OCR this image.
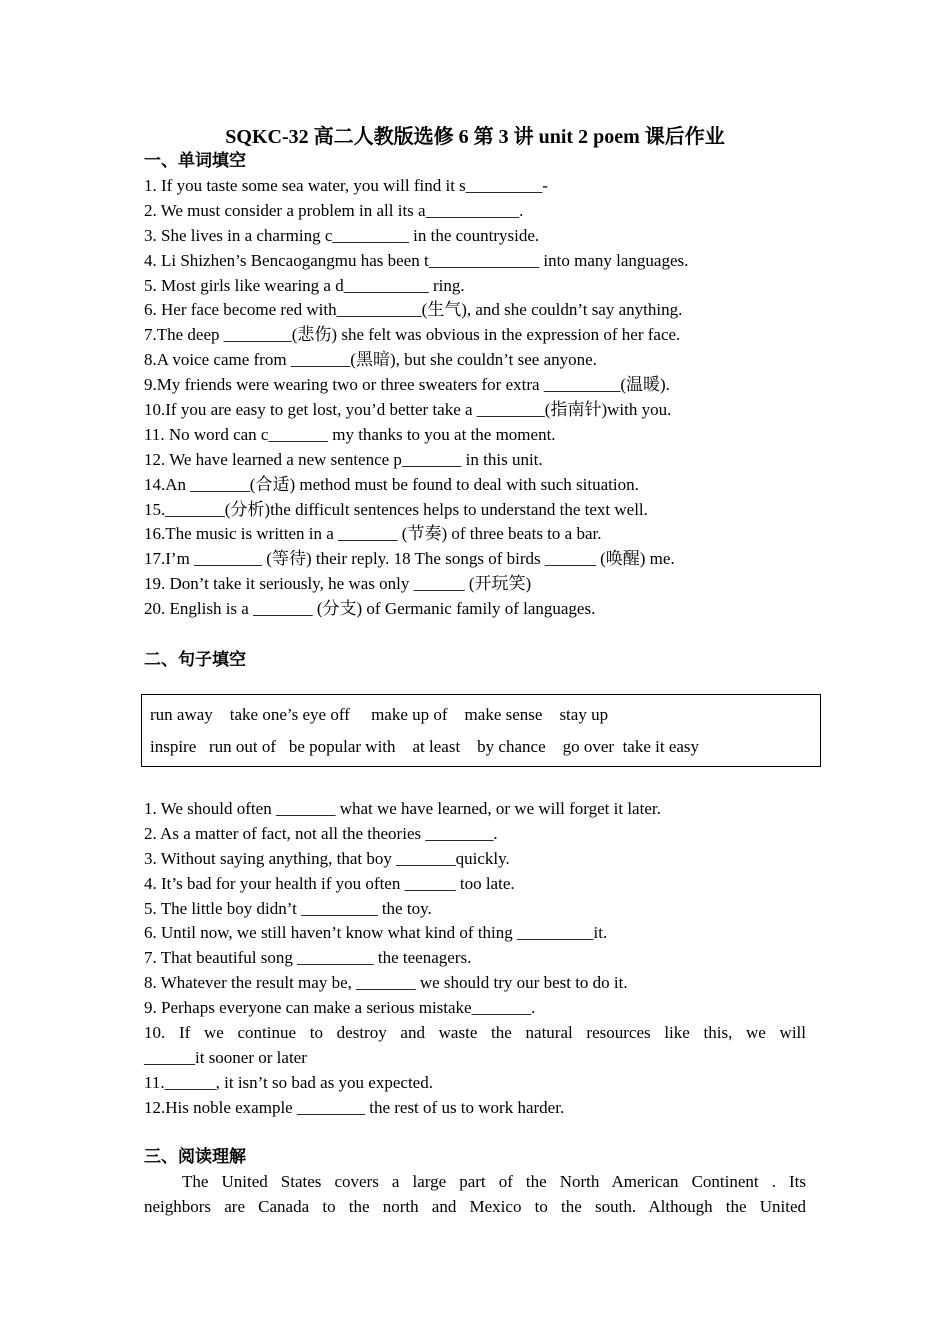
SQKC-32 高二人教版选修 6 第 3 讲 unit 2 poem 课后作业
一、单词填空
1. If you taste some sea water, you will find it s_________-
2. We must consider a problem in all its a___________.
3. She lives in a charming c_________ in the countryside.
4. Li Shizhen’s Bencaogangmu has been t_____________ into many languages.
5. Most girls like wearing a d__________ ring.
6. Her face become red with__________(生气), and she couldn’t say anything.
7.The deep ________(悲伤) she felt was obvious in the expression of her face.
8.A voice came from _______(黑暗), but she couldn’t see anyone.
9.My friends were wearing two or three sweaters for extra _________(温暖).
10.If you are easy to get lost, you’d better take a ________(指南针)with you.
11. No word can c_______ my thanks to you at the moment.
12. We have learned a new sentence p_______ in this unit.
14.An _______(合适) method must be found to deal with such situation.
15._______(分析)the difficult sentences helps to understand the text well.
16.The music is written in a _______ (节奏) of three beats to a bar.
17.I’m ________ (等待) their reply. 18 The songs of birds ______ (唤醒) me.
19. Don’t take it seriously, he was only ______ (开玩笑)
20. English is a _______ (分支) of Germanic family of languages.
二、句子填空
run away    take one’s eye off     make up of    make sense    stay up
inspire   run out of   be popular with    at least    by chance    go over  take it easy
1. We should often _______ what we have learned, or we will forget it later.
2. As a matter of fact, not all the theories ________.
3. Without saying anything, that boy _______quickly.
4. It’s bad for your health if you often ______ too late.
5. The little boy didn’t _________ the toy.
6. Until now, we still haven’t know what kind of thing _________it.
7. That beautiful song _________ the teenagers.
8. Whatever the result may be, _______ we should try our best to do it.
9. Perhaps everyone can make a serious mistake_______.
10. If we continue to destroy and waste the natural resources like this, we will
______it sooner or later
11.______, it isn’t so bad as you expected.
12.His noble example ________ the rest of us to work harder.
三、阅读理解
The United States covers a large part of the North American Continent . Its
neighbors are Canada to the north and Mexico to the south. Although the United
